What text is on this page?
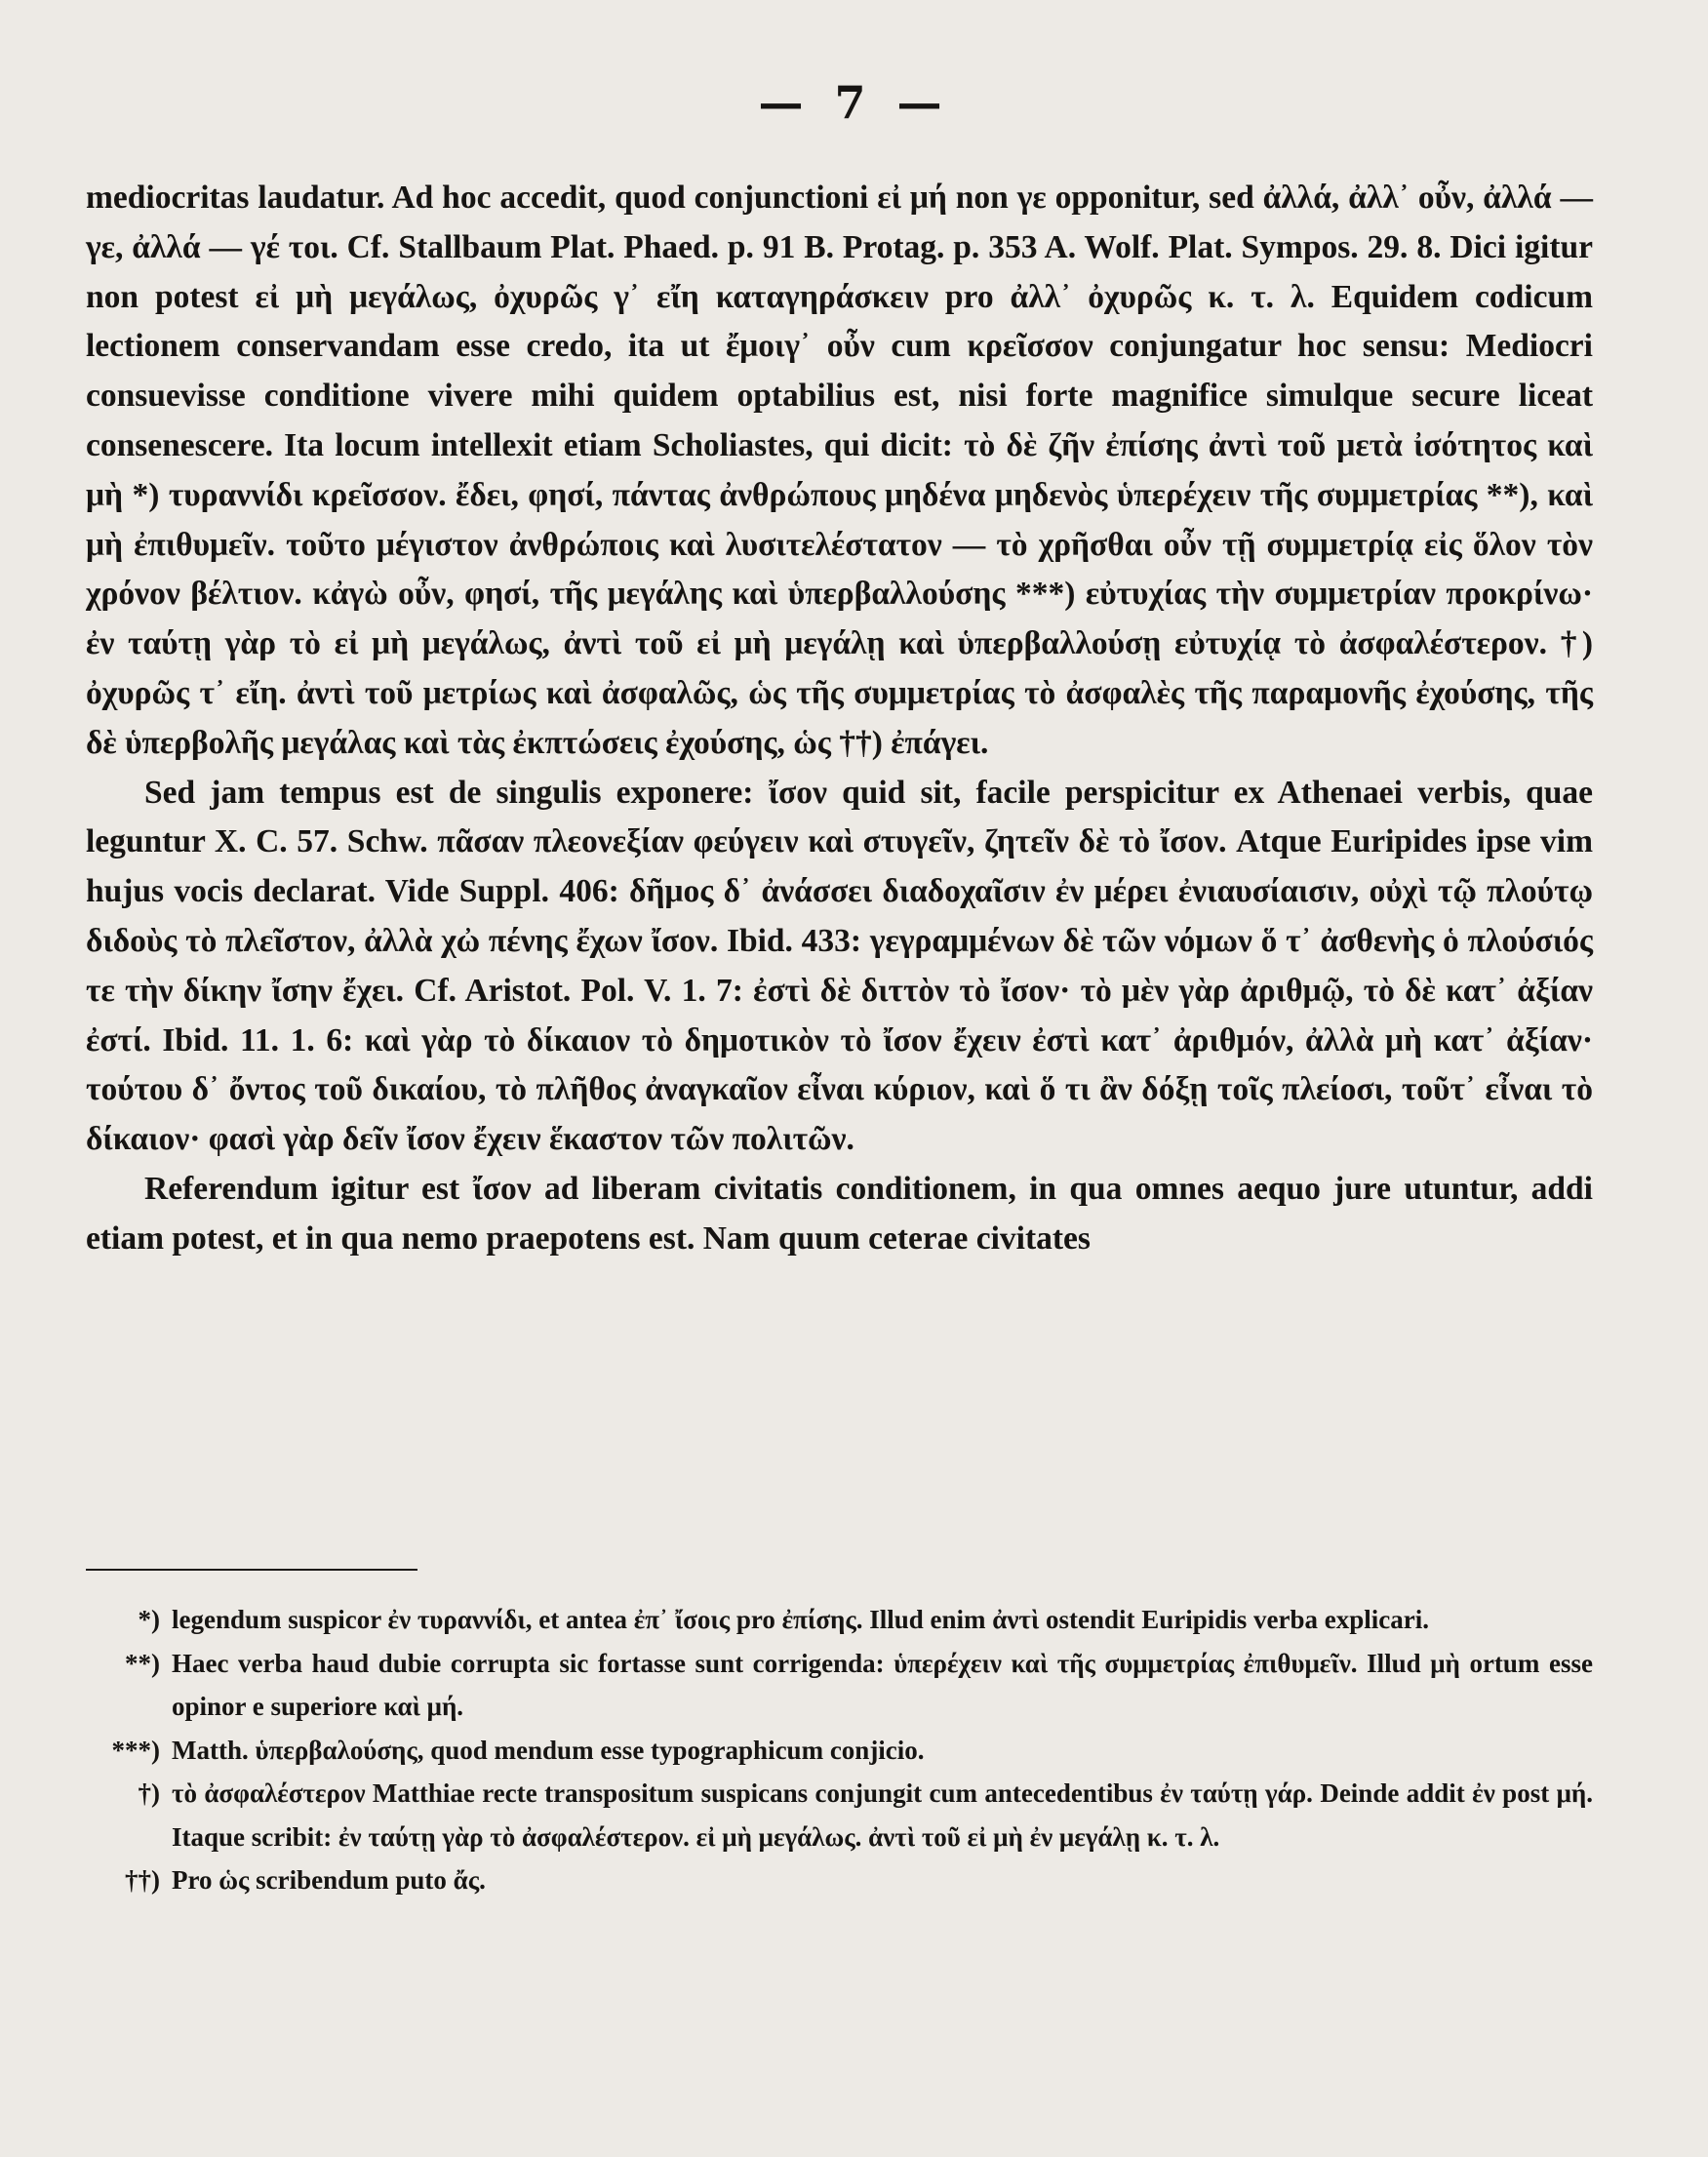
— 7 —

mediocritas laudatur. Ad hoc accedit, quod conjunctioni εἰ μή non γε opponitur, sed ἀλλά, ἀλλ᾿ οὖν, ἀλλά — γε, ἀλλά — γέ τοι. Cf. Stallbaum Plat. Phaed. p. 91 B. Protag. p. 353 A. Wolf. Plat. Sympos. 29. 8. Dici igitur non potest εἰ μὴ μεγάλως, ὀχυρῶς γ᾿ εἴη καταγηράσκειν pro ἀλλ᾿ ὀχυρῶς κ. τ. λ. Equidem codicum lectionem conservandam esse credo, ita ut ἔμοιγ᾿ οὖν cum κρεῖσσον conjungatur hoc sensu: Mediocri consuevisse conditione vivere mihi quidem optabilius est, nisi forte magnifice simulque secure liceat consenescere. Ita locum intellexit etiam Scholiastes, qui dicit: τὸ δὲ ζῆν ἐπίσης ἀντὶ τοῦ μετὰ ἰσότητος καὶ μὴ *) τυραννίδι κρεῖσσον. ἔδει, φησί, πάντας ἀνθρώπους μηδένα μηδενὸς ὑπερέχειν τῆς συμμετρίας **), καὶ μὴ ἐπιθυμεῖν. τοῦτο μέγιστον ἀνθρώποις καὶ λυσιτελέστατον — τὸ χρῆσθαι οὖν τῇ συμμετρίᾳ εἰς ὅλον τὸν χρόνον βέλτιον. κἀγὼ οὖν, φησί, τῆς μεγάλης καὶ ὑπερβαλλούσης ***) εὐτυχίας τὴν συμμετρίαν προκρίνω· ἐν ταύτῃ γὰρ τὸ εἰ μὴ μεγάλως, ἀντὶ τοῦ εἰ μὴ μεγάλῃ καὶ ὑπερβαλλούσῃ εὐτυχίᾳ τὸ ἀσφαλέστερον. †) ὀχυρῶς τ᾿ εἴη. ἀντὶ τοῦ μετρίως καὶ ἀσφαλῶς, ὡς τῆς συμμετρίας τὸ ἀσφαλὲς τῆς παραμονῆς ἐχούσης, τῆς δὲ ὑπερβολῆς μεγάλας καὶ τὰς ἐκπτώσεις ἐχούσης, ὡς ††) ἐπάγει.

Sed jam tempus est de singulis exponere: ἴσον quid sit, facile perspicitur ex Athenaei verbis, quae leguntur X. C. 57. Schw. πᾶσαν πλεονεξίαν φεύγειν καὶ στυγεῖν, ζητεῖν δὲ τὸ ἴσον. Atque Euripides ipse vim hujus vocis declarat. Vide Suppl. 406: δῆμος δ᾿ ἀνάσσει διαδοχαῖσιν ἐν μέρει ἐνιαυσίαισιν, οὐχὶ τῷ πλούτῳ διδοὺς τὸ πλεῖστον, ἀλλὰ χὠ πένης ἔχων ἴσον. Ibid. 433: γεγραμμένων δὲ τῶν νόμων ὅ τ᾿ ἀσθενὴς ὁ πλούσιός τε τὴν δίκην ἴσην ἔχει. Cf. Aristot. Pol. V. 1. 7: ἐστὶ δὲ διττὸν τὸ ἴσον· τὸ μὲν γὰρ ἀριθμῷ, τὸ δὲ κατ᾿ ἀξίαν ἐστί. Ibid. 11. 1. 6: καὶ γὰρ τὸ δίκαιον τὸ δημοτικὸν τὸ ἴσον ἔχειν ἐστὶ κατ᾿ ἀριθμόν, ἀλλὰ μὴ κατ᾿ ἀξίαν· τούτου δ᾿ ὄντος τοῦ δικαίου, τὸ πλῆθος ἀναγκαῖον εἶναι κύριον, καὶ ὅ τι ἂν δόξῃ τοῖς πλείοσι, τοῦτ᾿ εἶναι τὸ δίκαιον· φασὶ γὰρ δεῖν ἴσον ἔχειν ἕκαστον τῶν πολιτῶν.

Referendum igitur est ἴσον ad liberam civitatis conditionem, in qua omnes aequo jure utuntur, addi etiam potest, et in qua nemo praepotens est. Nam quum ceterae civitates

*) legendum suspicor ἐν τυραννίδι, et antea ἐπ᾿ ἴσοις pro ἐπίσης. Illud enim ἀντὶ ostendit Euripidis verba explicari.
**) Haec verba haud dubie corrupta sic fortasse sunt corrigenda: ὑπερέχειν καὶ τῆς συμμετρίας ἐπιθυμεῖν. Illud μὴ ortum esse opinor e superiore καὶ μή.
***) Matth. ὑπερβαλούσης, quod mendum esse typographicum conjicio.
†) τὸ ἀσφαλέστερον Matthiae recte transpositum suspicans conjungit cum antecedentibus ἐν ταύτῃ γάρ. Deinde addit ἐν post μή. Itaque scribit: ἐν ταύτῃ γὰρ τὸ ἀσφαλέστερον. εἰ μὴ μεγάλως. ἀντὶ τοῦ εἰ μὴ ἐν μεγάλῃ κ. τ. λ.
††) Pro ὡς scribendum puto ἄς.
